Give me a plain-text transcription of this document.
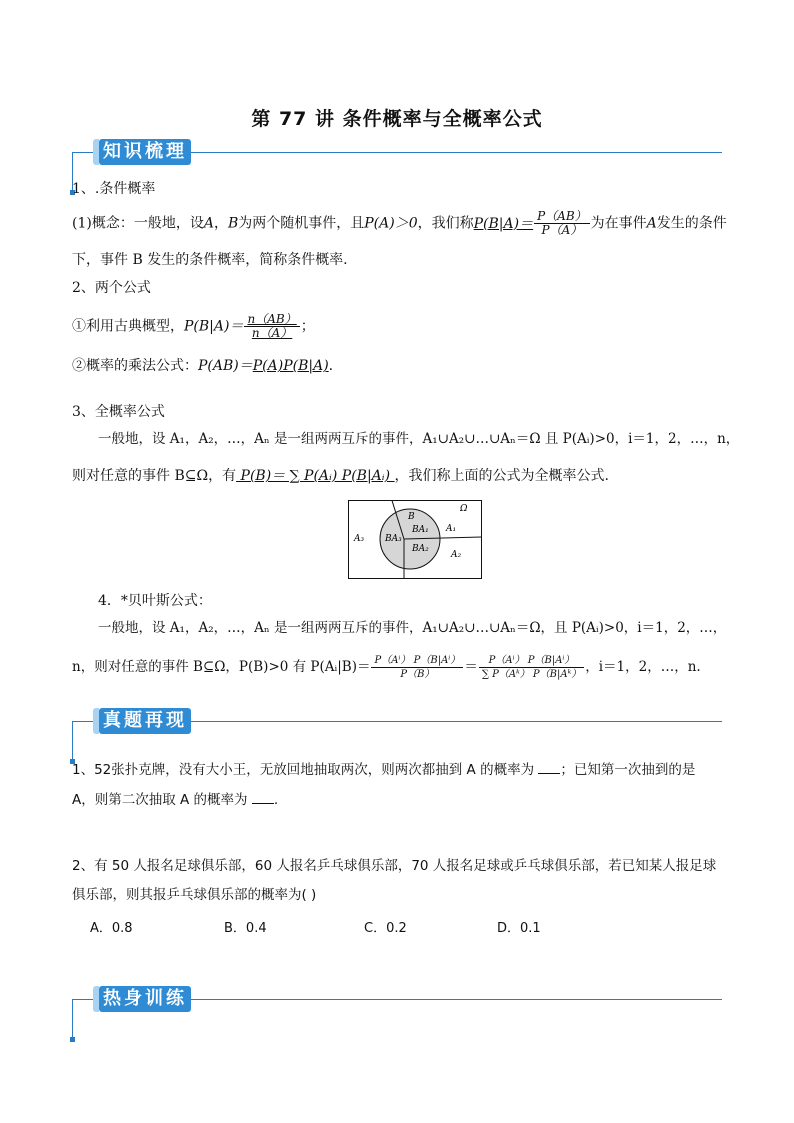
第 77 讲 条件概率与全概率公式
知识梳理
1、.条件概率
(1)概念：一般地，设A，B为两个随机事件，且P(A)＞0，我们称$P(B|A)= \frac{P(AB)}{P(A)}$ 为在事件A发生的条件
下，事件 B 发生的条件概率，简称条件概率.
2、两个公式
①利用古典概型，$P(B|A)= \frac{n(AB)}{n(A)}$ ；
②概率的乘法公式：P(AB)＝P(A)P(B|A).
3、全概率公式
一般地，设 A₁，A₂，…，Aₙ 是一组两两互斥的事件，A₁∪A₂∪…∪Aₙ＝Ω 且 P(Aᵢ)>0，i＝1，2，…，n，
则对任意的事件 B⊆Ω，有 P(B)＝ ∑ P(Aᵢ) P(B|Aᵢ) ，我们称上面的公式为全概率公式.
Ω
B
BA₁
BA₂
BA₃
A₁
A₂
A₃
4．*贝叶斯公式：
一般地，设 A₁，A₂，…，Aₙ 是一组两两互斥的事件，A₁∪A₂∪…∪Aₙ＝Ω，且 P(Aᵢ)>0，i＝1，2，…，
n，则对任意的事件 B⊆Ω，P(B)>0 有 P(Aᵢ|B)＝ $\frac{\text{P（Aⁱ） P（B|Aⁱ）}}{P(B)} = \frac{\text{P（Aⁱ） P（B|Aⁱ）}}{\text{∑ P（Aᵏ） P（B|Aᵏ）}}$ ，i＝1，2，…，n.
真题再现
1、52张扑克牌，没有大小王，无放回地抽取两次，则两次都抽到 A 的概率为 ；已知第一次抽到的是
A，则第二次抽取 A 的概率为 .
2、有 50 人报名足球俱乐部，60 人报名乒乓球俱乐部，70 人报名足球或乒乓球俱乐部，若已知某人报足球
俱乐部，则其报乒乓球俱乐部的概率为( )
A．0.8	B．0.4	C．0.2	D．0.1
热身训练
